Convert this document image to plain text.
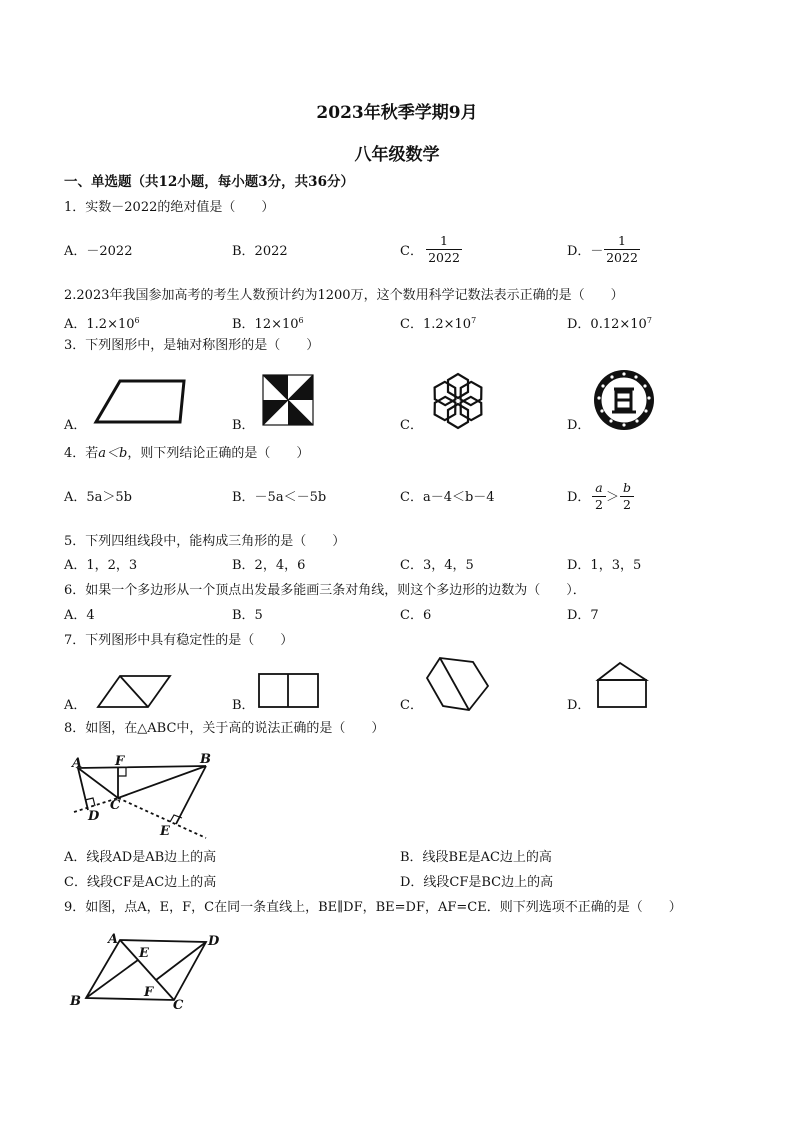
2023年秋季学期9月
八年级数学
一、单选题（共12小题，每小题3分，共36分）
1．实数－2022的绝对值是（　　）
A．－2022	B．2022	C．
1
2022	D．－
1
2022
2.2023年我国参加高考的考生人数预计约为1200万，这个数用科学记数法表示正确的是（　　）
A．$1.2\times 10^6$	B．$12\times 10^6$	C．$1.2\times 10^7$	D．$0.12\times 10^7$
3．下列图形中，是轴对称图形的是（　　）
A．	B．	C．	D．
4．若a＜b，则下列结论正确的是（　　）
A．5a＞5b	B．－5a＜－5b	C．a－4＜b－4	D．
a
2 ＞
b
2
5．下列四组线段中，能构成三角形的是（　　）
A．1，2，3	B．2，4，6	C．3，4，5	D．1，3，5
6．如果一个多边形从一个顶点出发最多能画三条对角线，则这个多边形的边数为（　　）．
A．4	B．5	C．6	D．7
7．下列图形中具有稳定性的是（　　）
A．	B．	C．	D．
8．如图，在△ABC中，关于高的说法正确的是（　　）
A	F	B
C
D
E
A．线段AD是AB边上的高	B．线段BE是AC边上的高
C．线段CF是AC边上的高	D．线段CF是BC边上的高
9．如图，点A，E，F，C在同一条直线上，BE∥DF，BE=DF，AF=CE．则下列选项不正确的是（　　）
A
E
D
F
B	C
